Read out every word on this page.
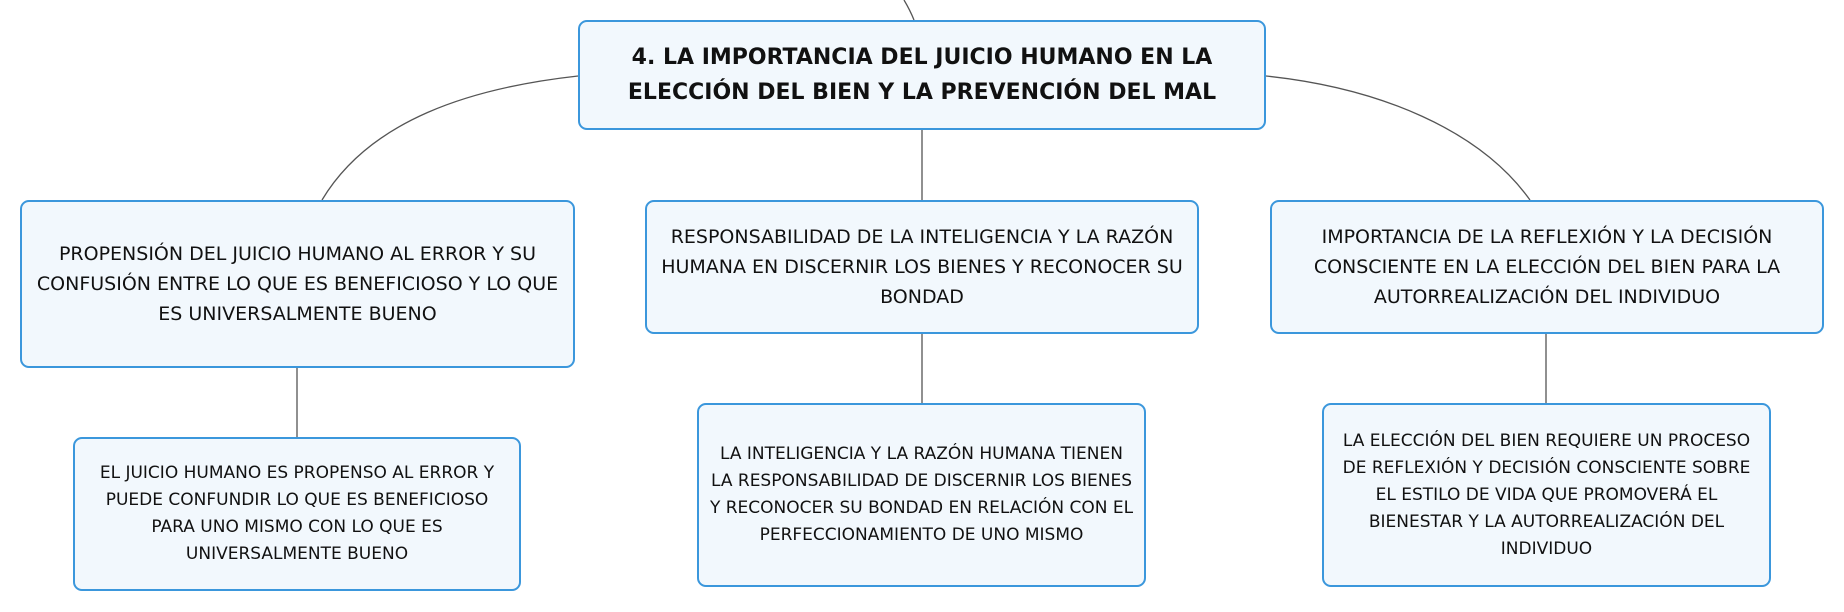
4. LA IMPORTANCIA DEL JUICIO HUMANO EN LA ELECCIÓN DEL BIEN Y LA PREVENCIÓN DEL MAL
PROPENSIÓN DEL JUICIO HUMANO AL ERROR Y SU CONFUSIÓN ENTRE LO QUE ES BENEFICIOSO Y LO QUE ES UNIVERSALMENTE BUENO
RESPONSABILIDAD DE LA INTELIGENCIA Y LA RAZÓN HUMANA EN DISCERNIR LOS BIENES Y RECONOCER SU BONDAD
IMPORTANCIA DE LA REFLEXIÓN Y LA DECISIÓN CONSCIENTE EN LA ELECCIÓN DEL BIEN PARA LA AUTORREALIZACIÓN DEL INDIVIDUO
EL JUICIO HUMANO ES PROPENSO AL ERROR Y PUEDE CONFUNDIR LO QUE ES BENEFICIOSO PARA UNO MISMO CON LO QUE ES UNIVERSALMENTE BUENO
LA INTELIGENCIA Y LA RAZÓN HUMANA TIENEN LA RESPONSABILIDAD DE DISCERNIR LOS BIENES Y RECONOCER SU BONDAD EN RELACIÓN CON EL PERFECCIONAMIENTO DE UNO MISMO
LA ELECCIÓN DEL BIEN REQUIERE UN PROCESO DE REFLEXIÓN Y DECISIÓN CONSCIENTE SOBRE EL ESTILO DE VIDA QUE PROMOVERÁ EL BIENESTAR Y LA AUTORREALIZACIÓN DEL INDIVIDUO
